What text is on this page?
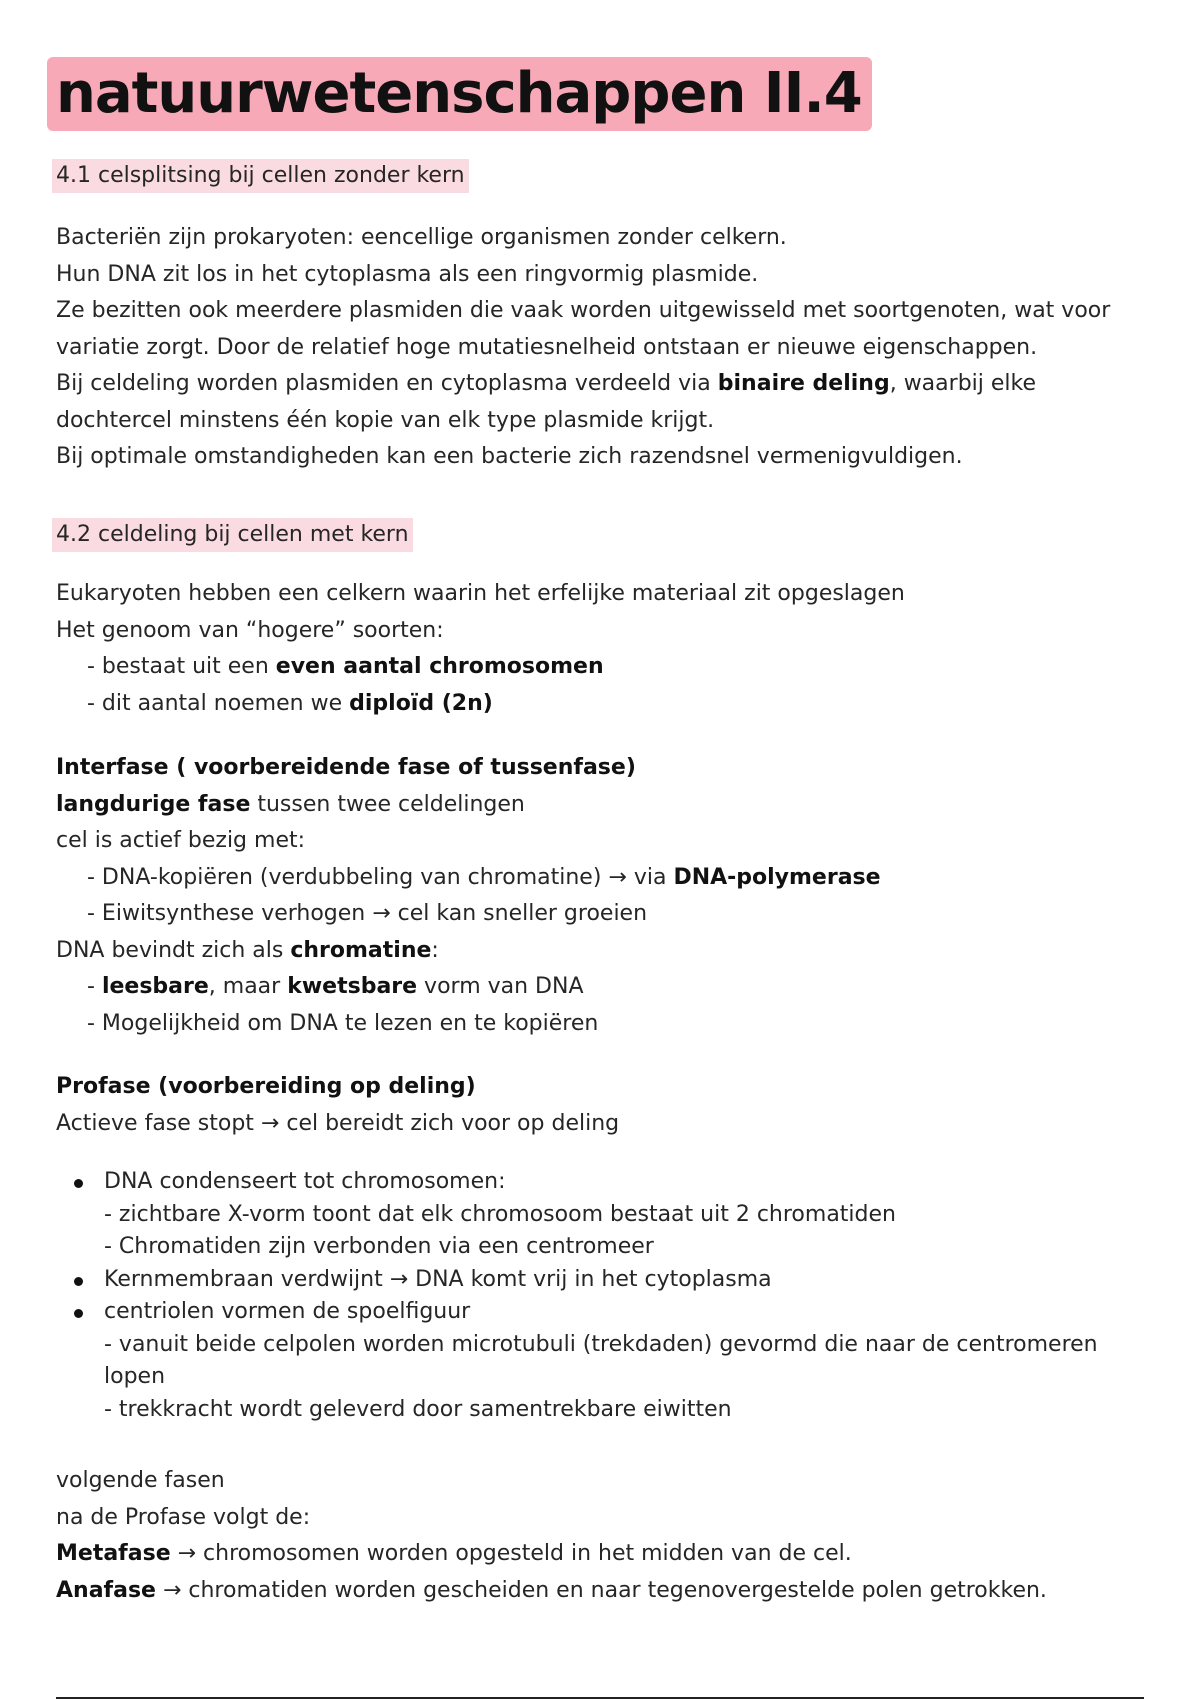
natuurwetenschappen II.4
4.1 celsplitsing bij cellen zonder kern
Bacteriën zijn prokaryoten: eencellige organismen zonder celkern.
Hun DNA zit los in het cytoplasma als een ringvormig plasmide.
Ze bezitten ook meerdere plasmiden die vaak worden uitgewisseld met soortgenoten, wat voor
variatie zorgt. Door de relatief hoge mutatiesnelheid ontstaan er nieuwe eigenschappen.
Bij celdeling worden plasmiden en cytoplasma verdeeld via binaire deling, waarbij elke
dochtercel minstens één kopie van elk type plasmide krijgt.
Bij optimale omstandigheden kan een bacterie zich razendsnel vermenigvuldigen.
4.2 celdeling bij cellen met kern
Eukaryoten hebben een celkern waarin het erfelijke materiaal zit opgeslagen
Het genoom van “hogere” soorten:
- bestaat uit een even aantal chromosomen
- dit aantal noemen we diploïd (2n)
Interfase ( voorbereidende fase of tussenfase)
langdurige fase tussen twee celdelingen
cel is actief bezig met:
- DNA-kopiëren (verdubbeling van chromatine) → via DNA-polymerase
- Eiwitsynthese verhogen → cel kan sneller groeien
DNA bevindt zich als chromatine:
- leesbare, maar kwetsbare vorm van DNA
- Mogelijkheid om DNA te lezen en te kopiëren
Profase (voorbereiding op deling)
Actieve fase stopt → cel bereidt zich voor op deling
DNA condenseert tot chromosomen:
- zichtbare X-vorm toont dat elk chromosoom bestaat uit 2 chromatiden
- Chromatiden zijn verbonden via een centromeer
Kernmembraan verdwijnt → DNA komt vrij in het cytoplasma
centriolen vormen de spoelfiguur
- vanuit beide celpolen worden microtubuli (trekdaden) gevormd die naar de centromeren
lopen
- trekkracht wordt geleverd door samentrekbare eiwitten
volgende fasen
na de Profase volgt de:
Metafase → chromosomen worden opgesteld in het midden van de cel.
Anafase → chromatiden worden gescheiden en naar tegenovergestelde polen getrokken.
